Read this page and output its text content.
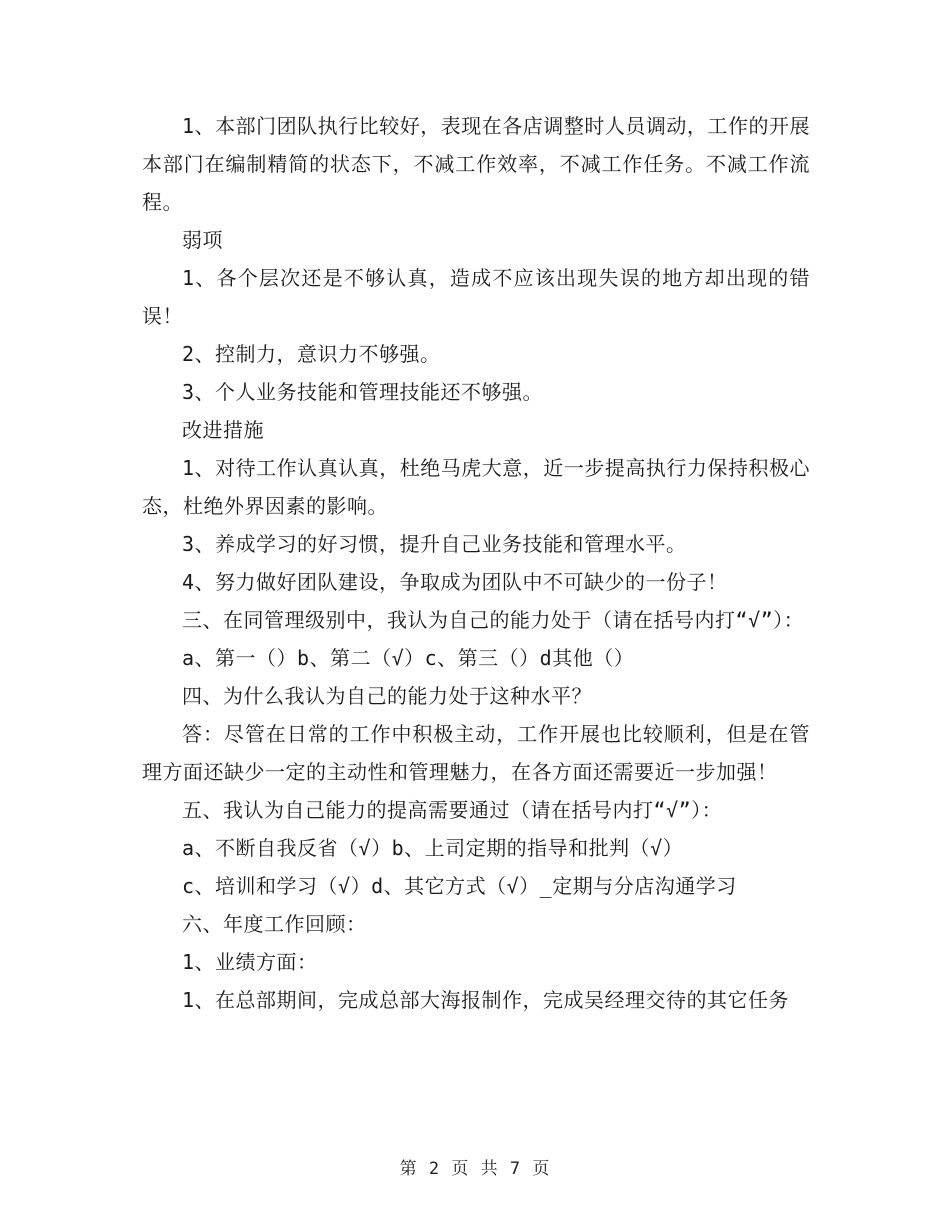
1、本部门团队执行比较好，表现在各店调整时人员调动，工作的开展本部门在编制精简的状态下，不减工作效率，不减工作任务。不减工作流程。

弱项

1、各个层次还是不够认真，造成不应该出现失误的地方却出现的错误！

2、控制力，意识力不够强。

3、个人业务技能和管理技能还不够强。

改进措施

1、对待工作认真认真，杜绝马虎大意，近一步提高执行力保持积极心态，杜绝外界因素的影响。

3、养成学习的好习惯，提升自己业务技能和管理水平。

4、努力做好团队建设，争取成为团队中不可缺少的一份子！

三、在同管理级别中，我认为自己的能力处于（请在括号内打“√”）：

a、第一（）b、第二（√）c、第三（）d其他（）

四、为什么我认为自己的能力处于这种水平？

答：尽管在日常的工作中积极主动，工作开展也比较顺利，但是在管理方面还缺少一定的主动性和管理魅力，在各方面还需要近一步加强！

五、我认为自己能力的提高需要通过（请在括号内打“√”）：

a、不断自我反省（√）b、上司定期的指导和批判（√）

c、培训和学习（√）d、其它方式（√）_定期与分店沟通学习

六、年度工作回顾：

1、业绩方面：

1、在总部期间，完成总部大海报制作，完成吴经理交待的其它任务

第 2 页 共 7 页
